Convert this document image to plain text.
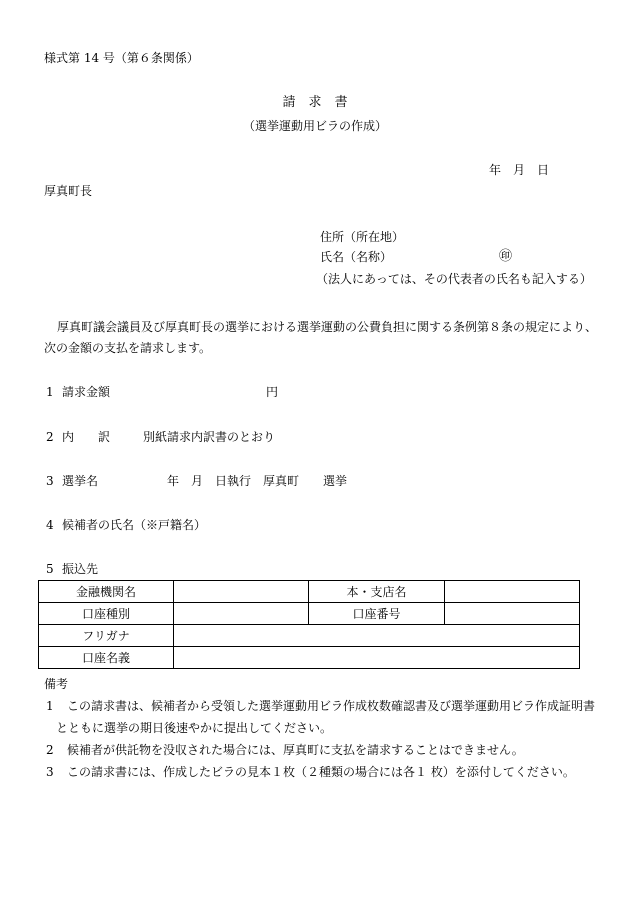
様式第 14 号（第６条関係）
請　求　書
（選挙運動用ビラの作成）
年　月　日
厚真町長
住所（所在地）
氏名（名称）	㊞
（法人にあっては、その代表者の氏名も記入する）
厚真町議会議員及び厚真町長の選挙における選挙運動の公費負担に関する条例第８条の規定により、
次の金額の支払を請求します。
1 請求金額	円
2 内　　訳	別紙請求内訳書のとおり
3 選挙名	年　月　日執行　厚真町　　選挙
4 候補者の氏名（※戸籍名）
5 振込先
金融機関名		本・支店名	
口座種別		口座番号	
フリガナ			
口座名義			
備考
1 この請求書は、候補者から受領した選挙運動用ビラ作成枚数確認書及び選挙運動用ビラ作成証明書
とともに選挙の期日後速やかに提出してください。
2 候補者が供託物を没収された場合には、厚真町に支払を請求することはできません。
3 この請求書には、作成したビラの見本１枚（２種類の場合には各１ 枚）を添付してください。
